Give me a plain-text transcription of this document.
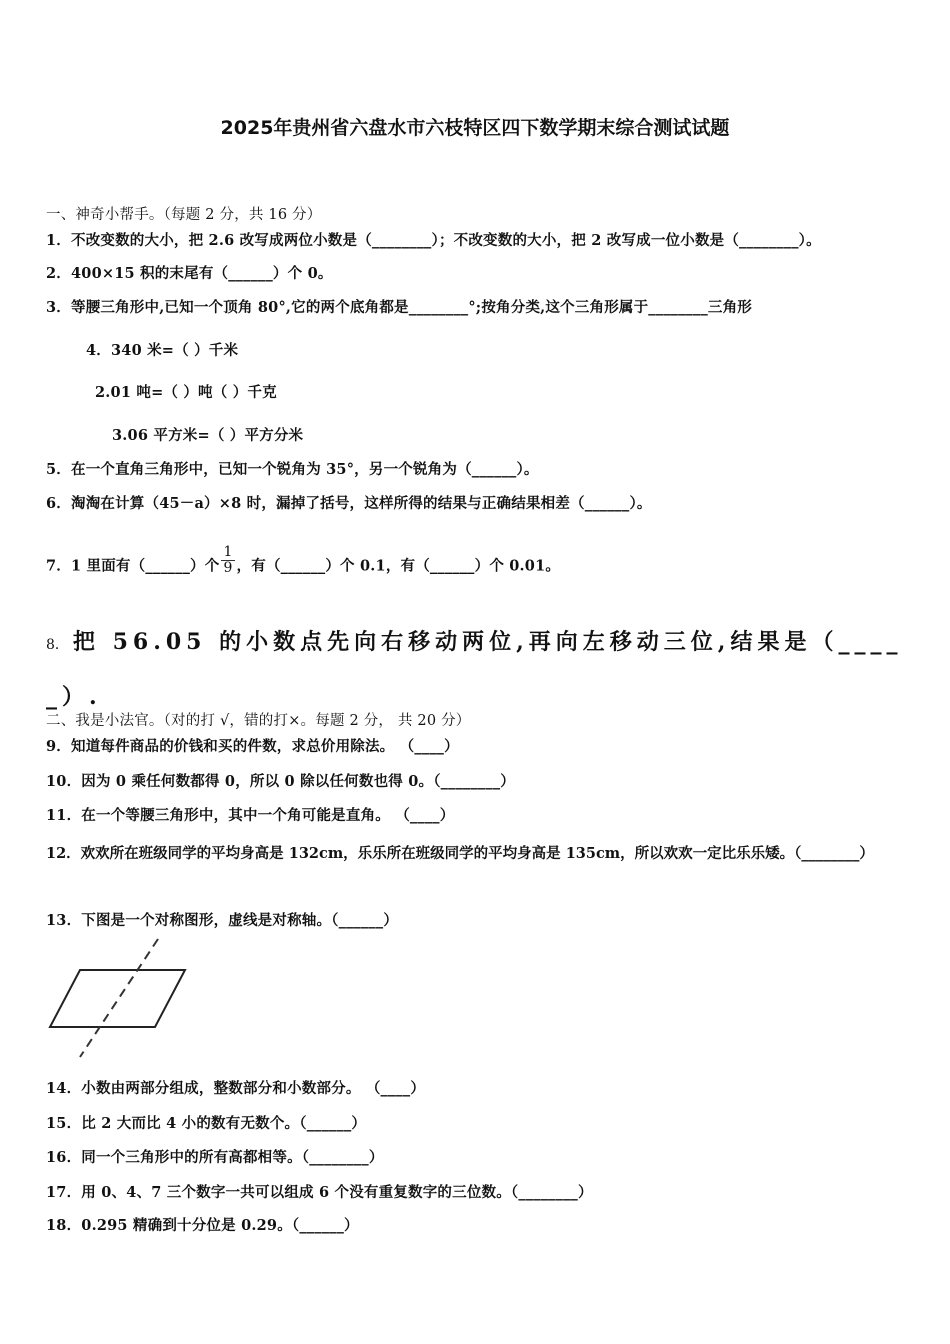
2025年贵州省六盘水市六枝特区四下数学期末综合测试试题
一、神奇小帮手。（每题 2 分，共 16 分）
1．不改变数的大小，把 2.6 改写成两位小数是（________）；不改变数的大小，把 2 改写成一位小数是（________）。
2．400×15 积的末尾有（______）个 0。
3．等腰三角形中,已知一个顶角 80°,它的两个底角都是________°;按角分类,这个三角形属于________三角形
4．340 米=（ ）千米
2.01 吨=（ ）吨（ ）千克
3.06 平方米=（ ）平方分米
5．在一个直角三角形中，已知一个锐角为 35°，另一个锐角为（______）。
6．淘淘在计算（45－a）×8 时，漏掉了括号，这样所得的结果与正确结果相差（______）。
7．1 里面有（______）个 $\frac{1}{9}$ ，有（______）个 0.1，有（______）个 0.01。
8． 把 56.05 的小数点先向右移动两位,再向左移动三位,结果是（_____）.
二、我是小法官。（对的打 √，错的打×。每题 2 分， 共 20 分）
9．知道每件商品的价钱和买的件数，求总价用除法。 （____）
10．因为 0 乘任何数都得 0，所以 0 除以任何数也得 0。（________）
11．在一个等腰三角形中，其中一个角可能是直角。 （____）
12．欢欢所在班级同学的平均身高是 132cm，乐乐所在班级同学的平均身高是 135cm，所以欢欢一定比乐乐矮。（________）
13．下图是一个对称图形，虚线是对称轴。（______）
14．小数由两部分组成，整数部分和小数部分。 （____）
15．比 2 大而比 4 小的数有无数个。（______）
16．同一个三角形中的所有高都相等。（________）
17．用 0、4、7 三个数字一共可以组成 6 个没有重复数字的三位数。（________）
18．0.295 精确到十分位是 0.29。（______）
